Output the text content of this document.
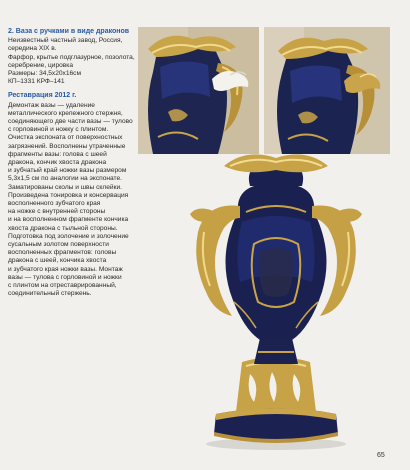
2. Ваза с ручками в виде драконов

Неизвестный частный завод, Россия,

середина XIX в.

Фарфор, крытье подглазурное, позолота,

серебрение, цировка

Размеры: 34,5х20х16см

КП–1331 КРФ–141

Реставрация 2012 г.

Демонтаж вазы — удаление

металлического крепежного стержня,

соединяющего две части вазы — тулово

с горловиной и ножку с плинтом.

Очистка экспоната от поверхностных

загрязнений. Восполнены утраченные

фрагменты вазы: голова с шеей

дракона, кончик хвоста дракона

и зубчатый край ножки вазы размером

5,3х1,5 см по аналогии на экспонате.

Заматированы сколы и швы склейки.

Произведена тонировка и консервация

восполненного зубчатого края

на ножке с внутренней стороны

и на восполненном фрагменте кончика

хвоста дракона с тыльной стороны.

Подготовка под золочение и золочение

сусальным золотом поверхности

восполненных фрагментов: головы

дракона с шеей, кончика хвоста

и зубчатого края ножки вазы. Монтаж

вазы — тулова с горловиной и ножки

с плинтом на отреставрированный,

соединительный стержень.

65
